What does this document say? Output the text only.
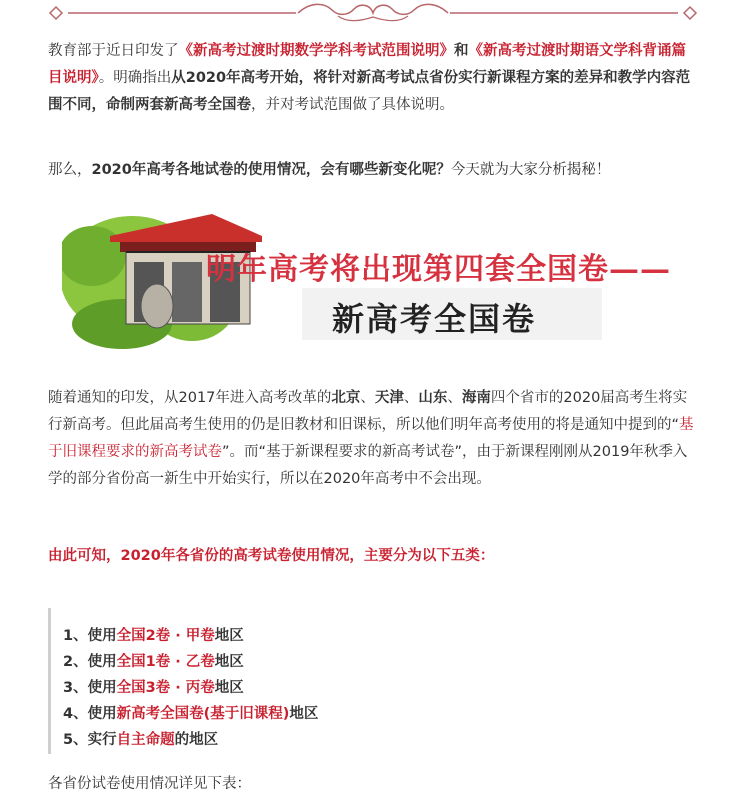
教育部于近日印发了《新高考过渡时期数学学科考试范围说明》和《新高考过渡时期语文学科背诵篇目说明》。明确指出从2020年高考开始，将针对新高考试点省份实行新课程方案的差异和教学内容范围不同，命制两套新高考全国卷，并对考试范围做了具体说明。

那么，2020年高考各地试卷的使用情况，会有哪些新变化呢？今天就为大家分析揭秘！

明年高考将出现第四套全国卷——
新高考全国卷

随着通知的印发，从2017年进入高考改革的北京、天津、山东、海南四个省市的2020届高考生将实行新高考。但此届高考生使用的仍是旧教材和旧课标，所以他们明年高考使用的将是通知中提到的“基于旧课程要求的新高考试卷”。而“基于新课程要求的新高考试卷”，由于新课程刚刚从2019年秋季入学的部分省份高一新生中开始实行，所以在2020年高考中不会出现。

由此可知，2020年各省份的高考试卷使用情况，主要分为以下五类：

1、使用全国2卷 · 甲卷地区
2、使用全国1卷 · 乙卷地区
3、使用全国3卷 · 丙卷地区
4、使用新高考全国卷(基于旧课程)地区
5、实行自主命题的地区

各省份试卷使用情况详见下表：
